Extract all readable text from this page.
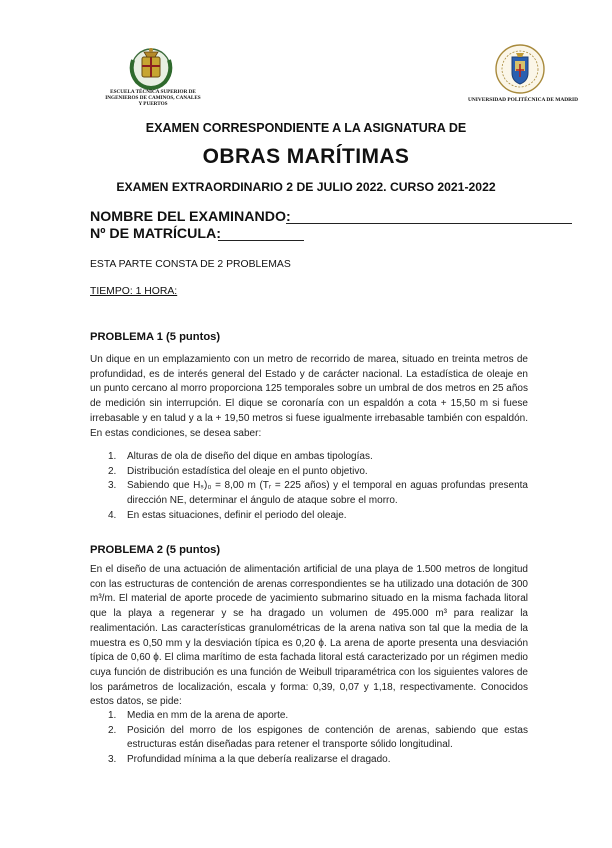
ESCUELA TÉCNICA SUPERIOR DE
INGENIEROS DE CAMINOS, CANALES
Y PUERTOS
UNIVERSIDAD POLITÉCNICA DE MADRID
EXAMEN CORRESPONDIENTE A LA ASIGNATURA DE
OBRAS MARÍTIMAS
EXAMEN EXTRAORDINARIO 2 DE JULIO 2022. CURSO 2021-2022
NOMBRE DEL EXAMINANDO:
Nº DE MATRÍCULA:
ESTA PARTE CONSTA DE 2 PROBLEMAS
TIEMPO: 1 HORA:
PROBLEMA 1 (5 puntos)
Un dique en un emplazamiento con un metro de recorrido de marea, situado en treinta metros de profundidad, es de interés general del Estado y de carácter nacional. La estadística de oleaje en un punto cercano al morro proporciona 125 temporales sobre un umbral de dos metros en 25 años de medición sin interrupción. El dique se coronaría con un espaldón a cota + 15,50 m si fuese irrebasable y en talud y a la + 19,50 metros si fuese igualmente irrebasable también con espaldón. En estas condiciones, se desea saber:
1. Alturas de ola de diseño del dique en ambas tipologías.
2. Distribución estadística del oleaje en el punto objetivo.
3. Sabiendo que Hₛ)₀ = 8,00 m (Tᵣ = 225 años) y el temporal en aguas profundas presenta dirección NE, determinar el ángulo de ataque sobre el morro.
4. En estas situaciones, definir el periodo del oleaje.
PROBLEMA 2 (5 puntos)
En el diseño de una actuación de alimentación artificial de una playa de 1.500 metros de longitud con las estructuras de contención de arenas correspondientes se ha utilizado una dotación de 300 m³/m. El material de aporte procede de yacimiento submarino situado en la misma fachada litoral que la playa a regenerar y se ha dragado un volumen de 495.000 m³ para realizar la realimentación. Las características granulométricas de la arena nativa son tal que la media de la muestra es 0,50 mm y la desviación típica es 0,20 ϕ. La arena de aporte presenta una desviación típica de 0,60 ϕ. El clima marítimo de esta fachada litoral está caracterizado por un régimen medio cuya función de distribución es una función de Weibull triparamétrica con los siguientes valores de los parámetros de localización, escala y forma: 0,39, 0,07 y 1,18, respectivamente. Conocidos estos datos, se pide:
1. Media en mm de la arena de aporte.
2. Posición del morro de los espigones de contención de arenas, sabiendo que estas estructuras están diseñadas para retener el transporte sólido longitudinal.
3. Profundidad mínima a la que debería realizarse el dragado.
